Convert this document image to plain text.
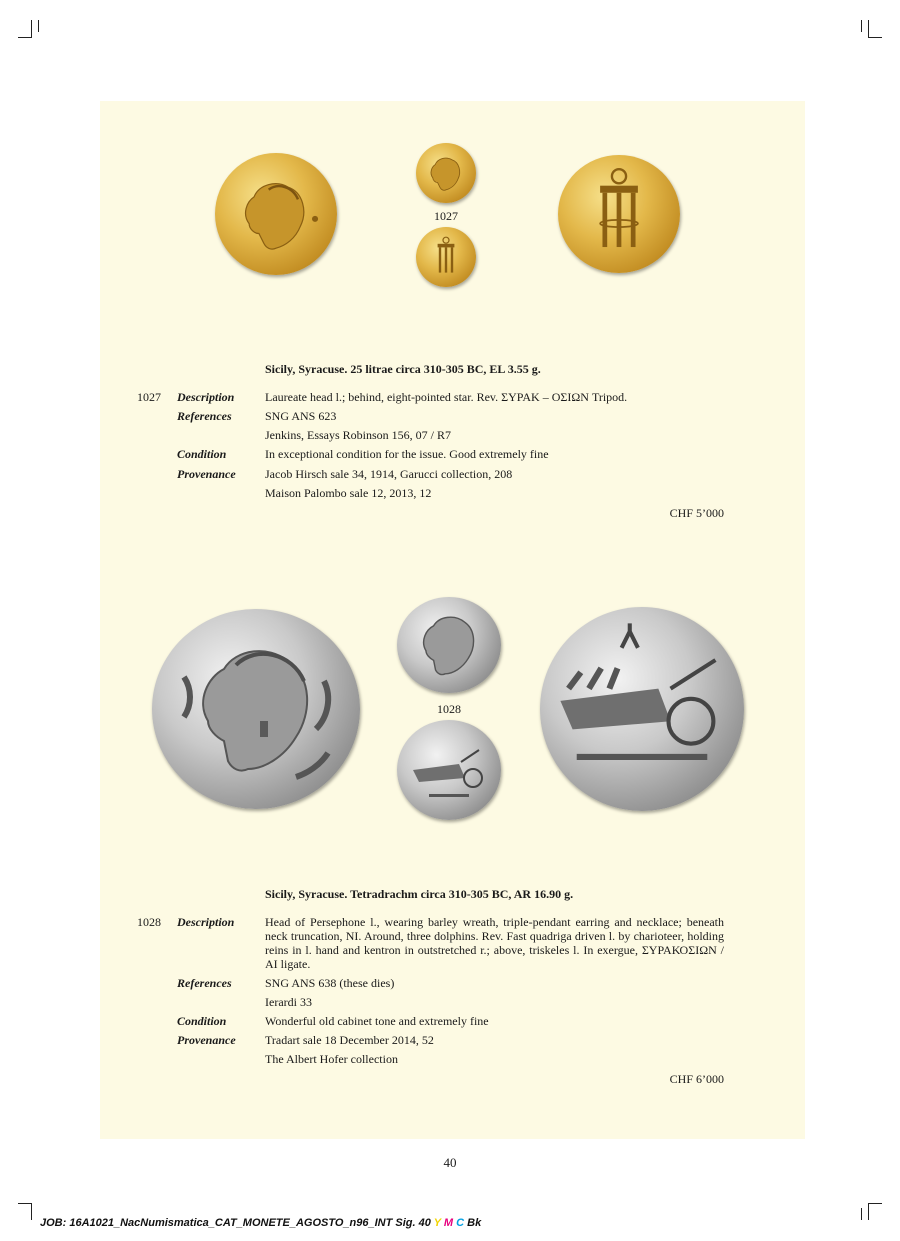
1027
Sicily, Syracuse. 25 litrae circa 310-305 BC, EL 3.55 g.
1027 Description	Laureate head l.; behind, eight-pointed star. Rev. ΣΥΡΑΚ – ΟΣΙΩΝ Tripod.
References	SNG ANS 623
Jenkins, Essays Robinson 156, 07 / R7
Condition	In exceptional condition for the issue. Good extremely fine
Provenance Jacob Hirsch sale 34, 1914, Garucci collection, 208
Maison Palombo sale 12, 2013, 12
CHF 5’000
1028
Sicily, Syracuse. Tetradrachm circa 310-305 BC, AR 16.90 g.
1028 Description	Head of Persephone l., wearing barley wreath, triple-pendant earring and necklace; beneath neck truncation, NI. Around, three dolphins. Rev. Fast quadriga driven l. by charioteer, holding reins in l. hand and kentron in outstretched r.; above, triskeles l. In exergue, ΣΥΡΑΚΟΣΙΩΝ / AI ligate.
References	SNG ANS 638 (these dies)
Ierardi 33
Condition	Wonderful old cabinet tone and extremely fine
Provenance Tradart sale 18 December 2014, 52
The Albert Hofer collection
CHF 6’000
40
JOB: 16A1021_NacNumismatica_CAT_MONETE_AGOSTO_n96_INT Sig. 40 Y M C Bk
